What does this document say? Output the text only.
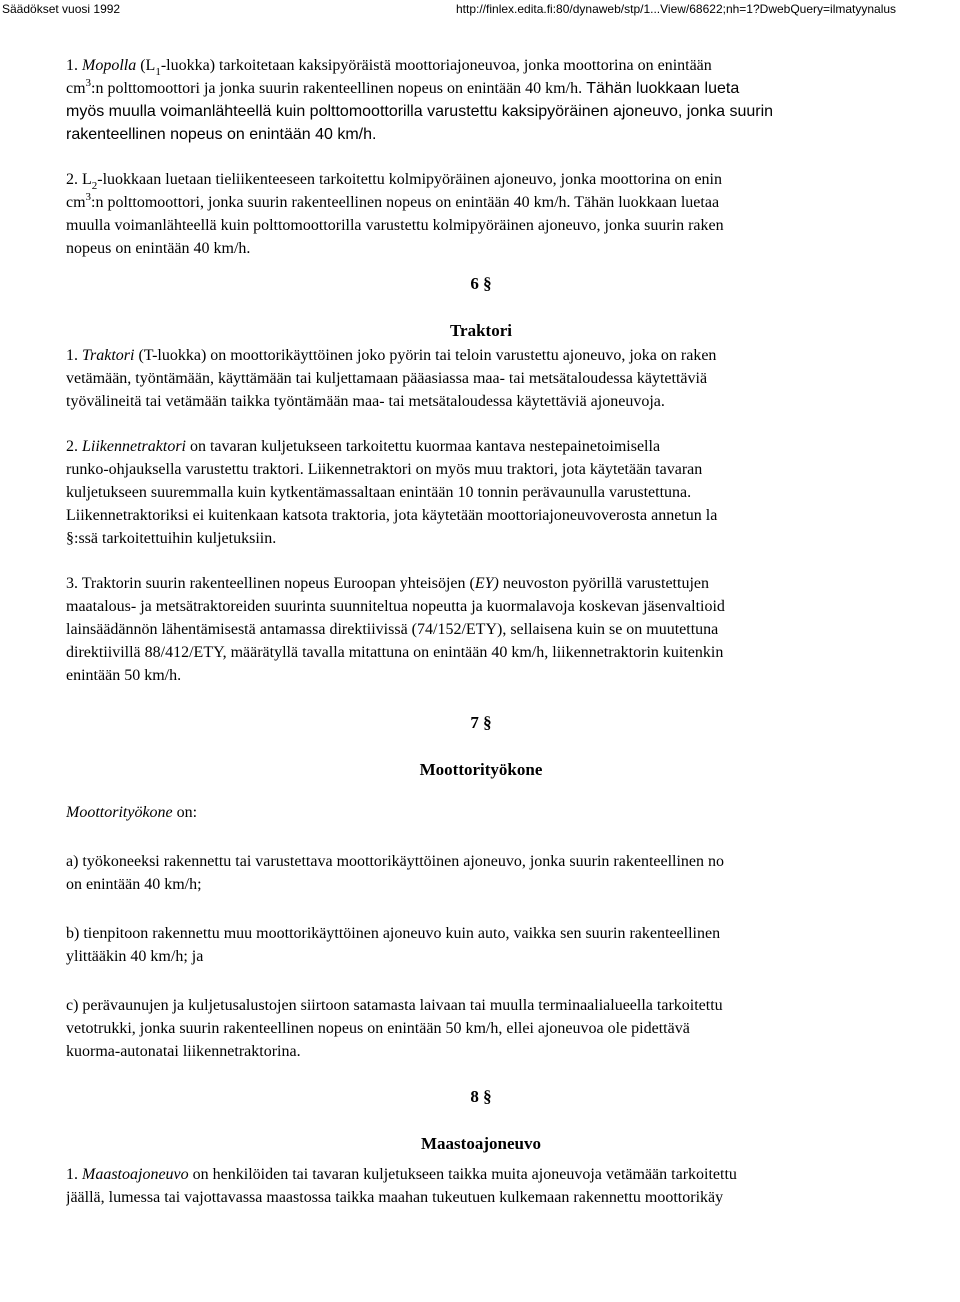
Säädökset vuosi 1992	http://finlex.edita.fi:80/dynaweb/stp/1...View/68622;nh=1?DwebQuery=ilmatyynalus

1. Mopolla $(L_1-luokka)$ tarkoitetaan kaksipyöräistä moottoriajoneuvoa, jonka moottorina on enintään
$cm^3:n$ polttomoottori ja jonka suurin rakenteellinen nopeus on enintään 40 km/h. Tähän luokkaan lueta
myös muulla voimanlähteellä kuin polttomoottorilla varustettu kaksipyöräinen ajoneuvo, jonka suurin
rakenteellinen nopeus on enintään 40 km/h.

2. $L_2$-luokkaan luetaan tieliikenteeseen tarkoitettu kolmipyöräinen ajoneuvo, jonka moottorina on enin
$cm^3:n$ polttomoottori, jonka suurin rakenteellinen nopeus on enintään 40 km/h. Tähän luokkaan luetaa
muulla voimanlähteellä kuin polttomoottorilla varustettu kolmipyöräinen ajoneuvo, jonka suurin raken
nopeus on enintään 40 km/h.

6 §
Traktori

1. Traktori (T-luokka) on moottorikäyttöinen joko pyörin tai teloin varustettu ajoneuvo, joka on raken
vetämään, työntämään, käyttämään tai kuljettamaan pääasiassa maa- tai metsätaloudessa käytettäviä
työvälineitä tai vetämään taikka työntämään maa- tai metsätaloudessa käytettäviä ajoneuvoja.

2. Liikennetraktori on tavaran kuljetukseen tarkoitettu kuormaa kantava nestepainetoimisella
runko-ohjauksella varustettu traktori. Liikennetraktori on myös muu traktori, jota käytetään tavaran
kuljetukseen suuremmalla kuin kytkentämassaltaan enintään 10 tonnin perävaunulla varustettuna.
Liikennetraktoriksi ei kuitenkaan katsota traktoria, jota käytetään moottoriajoneuvoverosta annetun la
§:ssä tarkoitettuihin kuljetuksiin.

3. Traktorin suurin rakenteellinen nopeus Euroopan yhteisöjen (EY) neuvoston pyörillä varustettujen
maatalous- ja metsätraktoreiden suurinta suunniteltua nopeutta ja kuormalavoja koskevan jäsenvaltioid
lainsäädännön lähentämisestä antamassa direktiivissä (74/152/ETY), sellaisena kuin se on muutettuna
direktiivillä 88/412/ETY, määrätyllä tavalla mitattuna on enintään 40 km/h, liikennetraktorin kuitenkin
enintään 50 km/h.

7 §
Moottorityökone

Moottorityökone on:

a) työkoneeksi rakennettu tai varustettava moottorikäyttöinen ajoneuvo, jonka suurin rakenteellinen no
on enintään 40 km/h;

b) tienpitoon rakennettu muu moottorikäyttöinen ajoneuvo kuin auto, vaikka sen suurin rakenteellinen
ylittääkin 40 km/h; ja

c) perävaunujen ja kuljetusalustojen siirtoon satamasta laivaan tai muulla terminaalialueella tarkoitettu
vetotrukki, jonka suurin rakenteellinen nopeus on enintään 50 km/h, ellei ajoneuvoa ole pidettävä
kuorma-autonatai liikennetraktorina.

8 §
Maastoajoneuvo

1. Maastoajoneuvo on henkilöiden tai tavaran kuljetukseen taikka muita ajoneuvoja vetämään tarkoitettu
jäällä, lumessa tai vajottavassa maastossa taikka maahan tukeutuen kulkemaan rakennettu moottorikäy
